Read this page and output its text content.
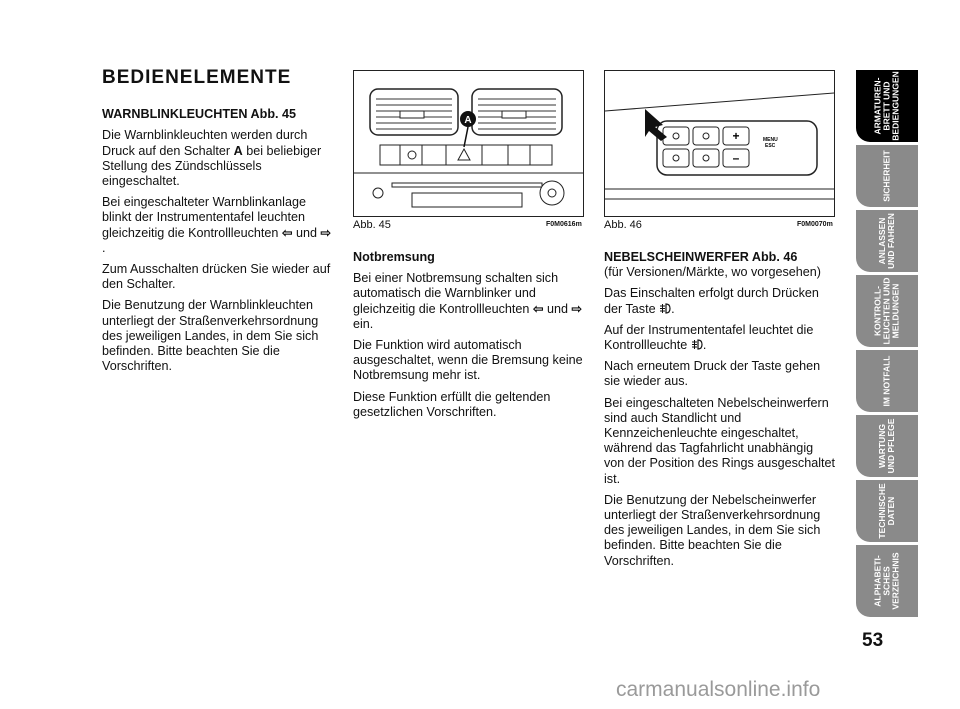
BEDIENELEMENTE
WARNBLINKLEUCHTEN Abb. 45

Die Warnblinkleuchten werden durch Druck auf den Schalter A bei beliebiger Stellung des Zündschlüssels eingeschaltet.

Bei eingeschalteter Warnblinkanlage blinkt der Instrumententafel leuchten gleichzeitig die Kontrollleuchten ⇦ und ⇨.

Zum Ausschalten drücken Sie wieder auf den Schalter.

Die Benutzung der Warnblinkleuchten unterliegt der Straßenverkehrsordnung des jeweiligen Landes, in dem Sie sich befinden. Bitte beachten Sie die Vorschriften.

A
Abb. 45	F0M0616m
+
–
MENU
ESC
Abb. 46	F0M0070m
Notbremsung

Bei einer Notbremsung schalten sich automatisch die Warnblinker und gleichzeitig die Kontrollleuchten ⇦ und ⇨ ein.

Die Funktion wird automatisch ausgeschaltet, wenn die Bremsung keine Notbremsung mehr ist.

Diese Funktion erfüllt die geltenden gesetzlichen Vorschriften.

NEBELSCHEINWERFER Abb. 46

(für Versionen/Märkte, wo vorgesehen)

Das Einschalten erfolgt durch Drücken der Taste .

Auf der Instrumententafel leuchtet die Kontrollleuchte .

Nach erneutem Druck der Taste gehen sie wieder aus.

Bei eingeschalteten Nebelscheinwerfern sind auch Standlicht und Kennzeichenleuchte eingeschaltet, während das Tagfahrlicht unabhängig von der Position des Rings ausgeschaltet ist.

Die Benutzung der Nebelscheinwerfer unterliegt der Straßenverkehrsordnung des jeweiligen Landes, in dem Sie sich befinden. Bitte beachten Sie die Vorschriften.

ARMATUREN-
BRETT UND
BEDIENGUNGEN
SICHERHEIT
ANLASSEN
UND FAHREN
KONTROLL-
LEUCHTEN UND
MELDUNGEN
IM NOTFALL
WARTUNG
UND PFLEGE
TECHNISCHE
DATEN
ALPHABETI-
SCHES
VERZEICHNIS
53
carmanualsonline.info
